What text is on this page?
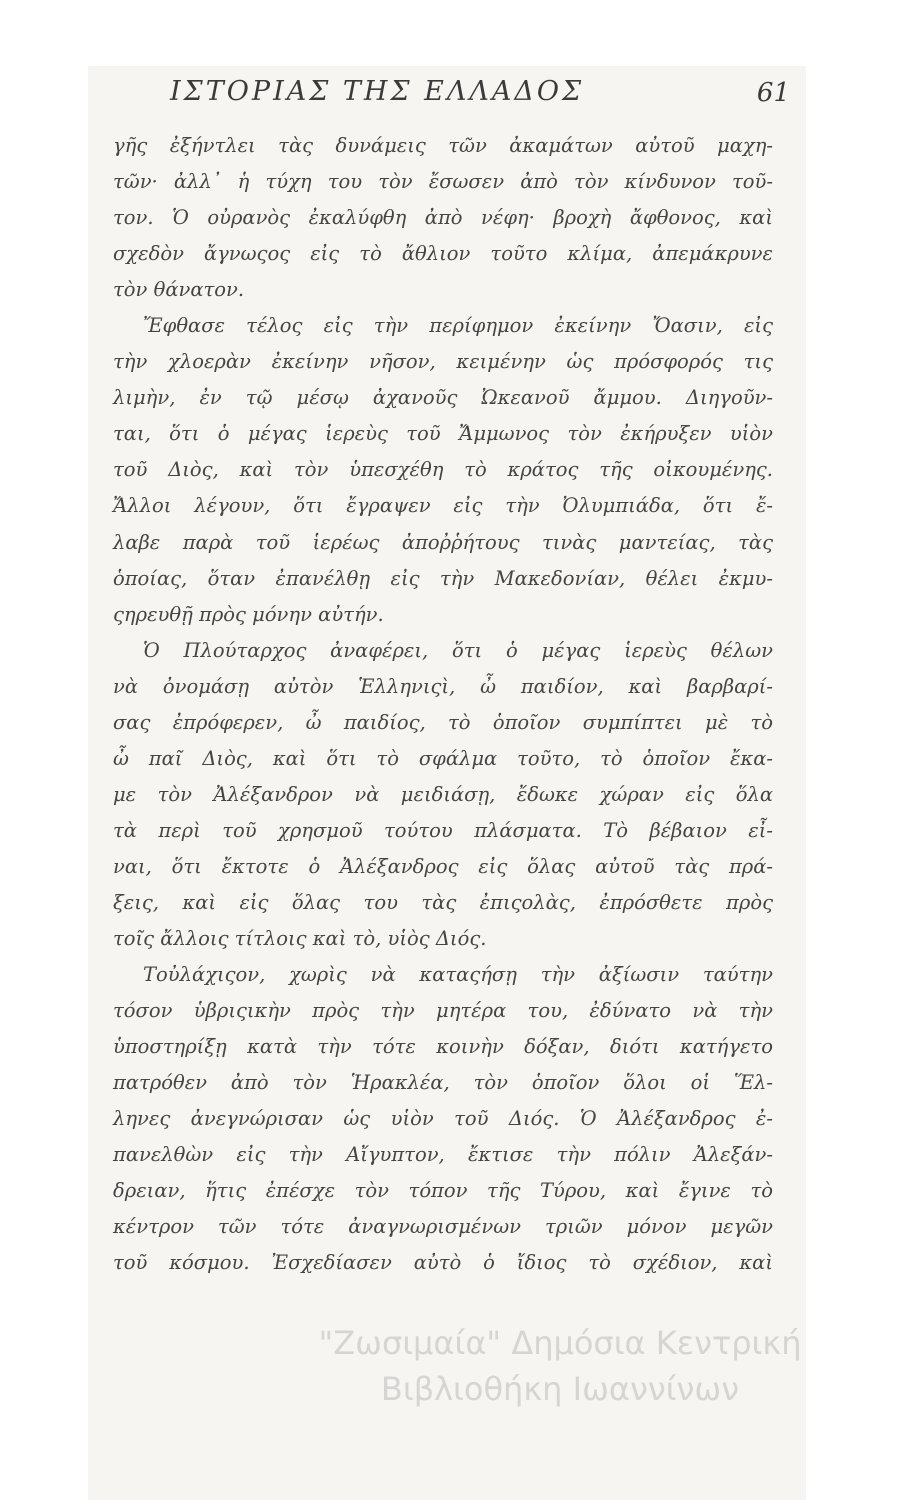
ΙΣΤΟΡΙΑΣ ΤΗΣ ΕΛΛΑΔΟΣ	61
γῆς ἐξήντλει τὰς δυνάμεις τῶν ἀκαμάτων αὐτοῦ μαχη-
τῶν· ἀλλ᾽ ἡ τύχη του τὸν ἔσωσεν ἀπὸ τὸν κίνδυνον τοῦ-
τον. Ὁ οὐρανὸς ἐκαλύφθη ἀπὸ νέφη· βροχὴ ἄφθονος, καὶ
σχεδὸν ἄγνωςος εἰς τὸ ἄθλιον τοῦτο κλίμα, ἀπεμάκρυνε
τὸν θάνατον.
Ἔφθασε τέλος εἰς τὴν περίφημον ἐκείνην Ὄασιν, εἰς
τὴν χλοερὰν ἐκείνην νῆσον, κειμένην ὡς πρόσφορός τις
λιμὴν, ἐν τῷ μέσῳ ἀχανοῦς Ὠκεανοῦ ἄμμου. Διηγοῦν-
ται, ὅτι ὁ μέγας ἱερεὺς τοῦ Ἄμμωνος τὸν ἐκήρυξεν υἱὸν
τοῦ Διὸς, καὶ τὸν ὑπεσχέθη τὸ κράτος τῆς οἰκουμένης.
Ἄλλοι λέγουν, ὅτι ἔγραψεν εἰς τὴν Ὀλυμπιάδα, ὅτι ἔ-
λαβε παρὰ τοῦ ἱερέως ἀποῤῥήτους τινὰς μαντείας, τὰς
ὁποίας, ὅταν ἐπανέλθῃ εἰς τὴν Μακεδονίαν, θέλει ἐκμυ-
ςηρευθῇ πρὸς μόνην αὐτήν.
Ὁ Πλούταρχος ἀναφέρει, ὅτι ὁ μέγας ἱερεὺς θέλων
νὰ ὀνομάσῃ αὐτὸν Ἑλληνιςὶ, ὦ παιδίον, καὶ βαρβαρί-
σας ἐπρόφερεν, ὦ παιδίος, τὸ ὁποῖον συμπίπτει μὲ τὸ
ὦ παῖ Διὸς, καὶ ὅτι τὸ σφάλμα τοῦτο, τὸ ὁποῖον ἔκα-
με τὸν Ἀλέξανδρον νὰ μειδιάσῃ, ἔδωκε χώραν εἰς ὅλα
τὰ περὶ τοῦ χρησμοῦ τούτου πλάσματα. Τὸ βέβαιον εἶ-
ναι, ὅτι ἔκτοτε ὁ Ἀλέξανδρος εἰς ὅλας αὐτοῦ τὰς πρά-
ξεις, καὶ εἰς ὅλας του τὰς ἐπιςολὰς, ἐπρόσθετε πρὸς
τοῖς ἄλλοις τίτλοις καὶ τὸ, υἱὸς Διός.
Τοὐλάχιςον, χωρὶς νὰ καταςήσῃ τὴν ἀξίωσιν ταύτην
τόσον ὑβριςικὴν πρὸς τὴν μητέρα του, ἐδύνατο νὰ τὴν
ὑποστηρίξῃ κατὰ τὴν τότε κοινὴν δόξαν, διότι κατήγετο
πατρόθεν ἀπὸ τὸν Ἡρακλέα, τὸν ὁποῖον ὅλοι οἱ Ἕλ-
ληνες ἀνεγνώρισαν ὡς υἱὸν τοῦ Διός. Ὁ Ἀλέξανδρος ἐ-
πανελθὼν εἰς τὴν Αἴγυπτον, ἔκτισε τὴν πόλιν Ἀλεξάν-
δρειαν, ἥτις ἐπέσχε τὸν τόπον τῆς Τύρου, καὶ ἔγινε τὸ
κέντρον τῶν τότε ἀναγνωρισμένων τριῶν μόνον μεγῶν
τοῦ κόσμου. Ἐσχεδίασεν αὐτὸ ὁ ἴδιος τὸ σχέδιον, καὶ
"Ζωσιμαία" Δημόσια Κεντρική
Βιβλιοθήκη Ιωαννίνων
